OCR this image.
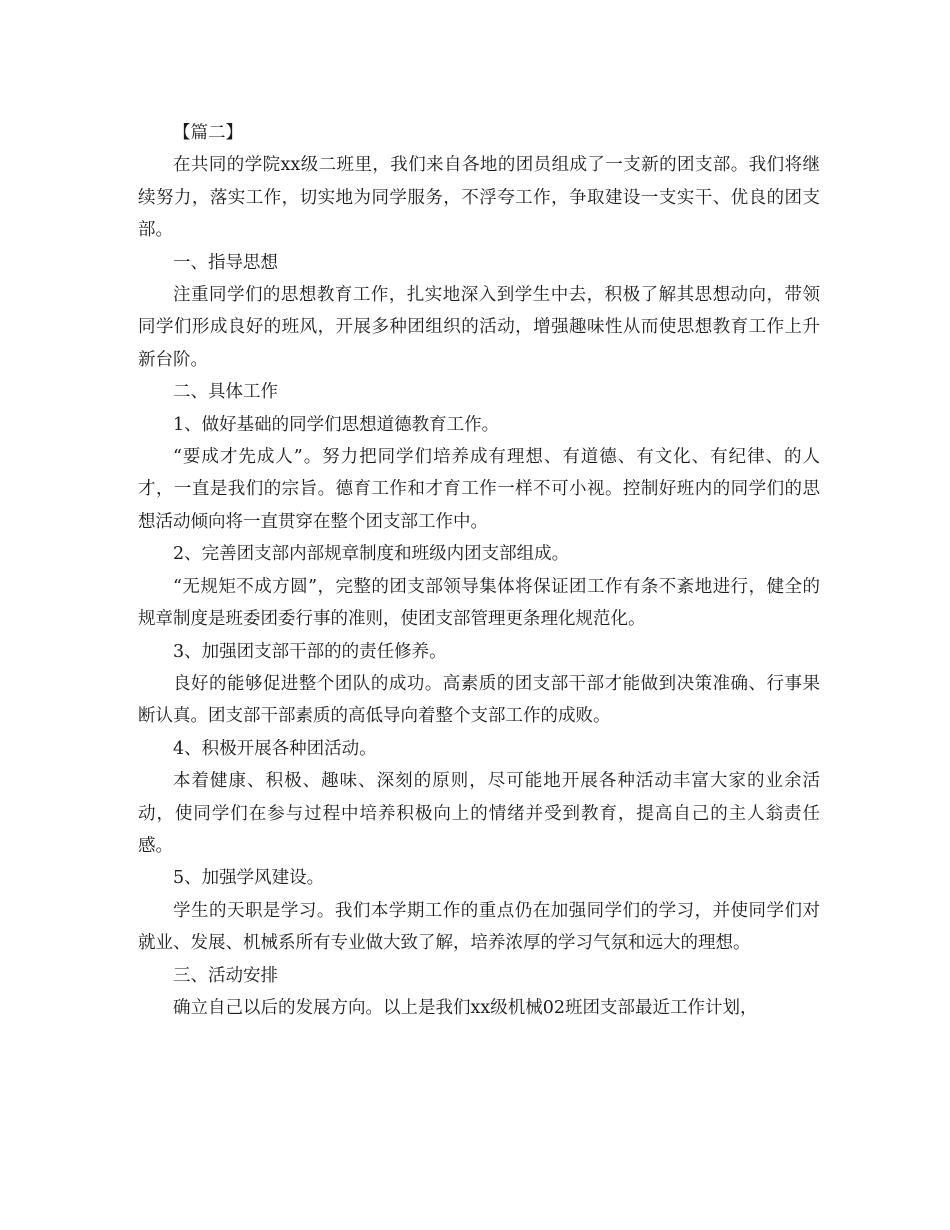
【篇二】

在共同的学院xx级二班里，我们来自各地的团员组成了一支新的团支部。我们将继续努力，落实工作，切实地为同学服务，不浮夸工作，争取建设一支实干、优良的团支部。

一、指导思想

注重同学们的思想教育工作，扎实地深入到学生中去，积极了解其思想动向，带领同学们形成良好的班风，开展多种团组织的活动，增强趣味性从而使思想教育工作上升新台阶。

二、具体工作

1、做好基础的同学们思想道德教育工作。

“要成才先成人”。努力把同学们培养成有理想、有道德、有文化、有纪律、的人才，一直是我们的宗旨。德育工作和才育工作一样不可小视。控制好班内的同学们的思想活动倾向将一直贯穿在整个团支部工作中。

2、完善团支部内部规章制度和班级内团支部组成。

“无规矩不成方圆”，完整的团支部领导集体将保证团工作有条不紊地进行，健全的规章制度是班委团委行事的准则，使团支部管理更条理化规范化。

3、加强团支部干部的的责任修养。

良好的能够促进整个团队的成功。高素质的团支部干部才能做到决策准确、行事果断认真。团支部干部素质的高低导向着整个支部工作的成败。

4、积极开展各种团活动。

本着健康、积极、趣味、深刻的原则，尽可能地开展各种活动丰富大家的业余活动，使同学们在参与过程中培养积极向上的情绪并受到教育，提高自己的主人翁责任感。

5、加强学风建设。

学生的天职是学习。我们本学期工作的重点仍在加强同学们的学习，并使同学们对就业、发展、机械系所有专业做大致了解，培养浓厚的学习气氛和远大的理想。

三、活动安排

确立自己以后的发展方向。以上是我们xx级机械02班团支部最近工作计划，
